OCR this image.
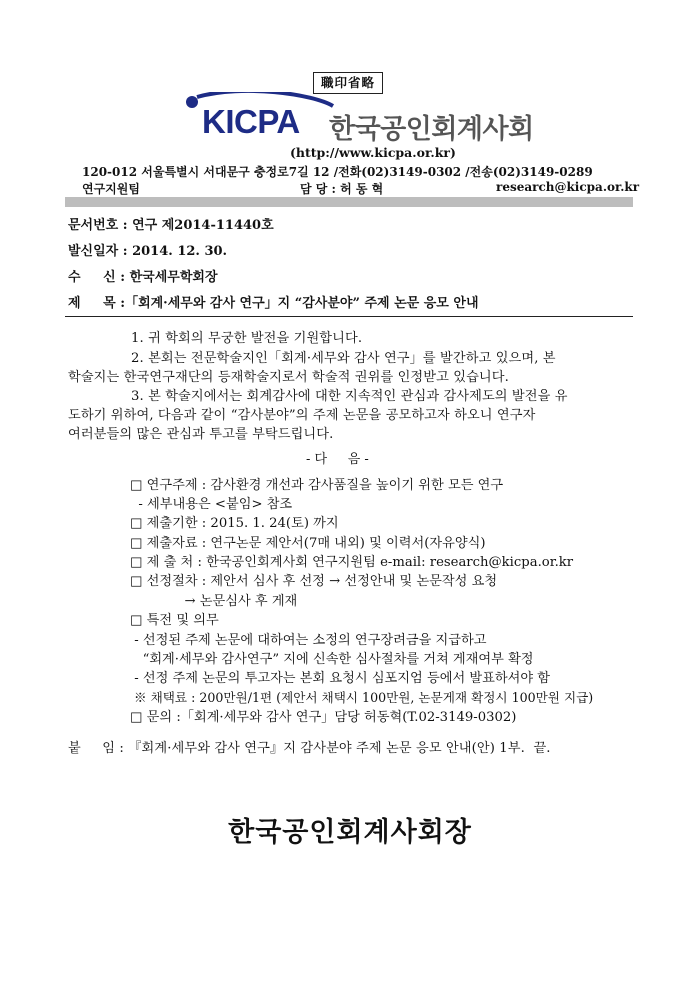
職印省略
KICPA 한국공인회계사회
(http://www.kicpa.or.kr)
120-012 서울특별시 서대문구 충정로7길 12 /전화(02)3149-0302 /전송(02)3149-0289
연구지원팀	담 당 : 허 동 혁	research@kicpa.or.kr
문서번호 : 연구 제2014-11440호
발신일자 : 2014. 12. 30.
수     신 : 한국세무학회장
제     목 :「회계·세무와 감사 연구」지 “감사분야” 주제 논문 응모 안내
1. 귀 학회의 무궁한 발전을 기원합니다.
2. 본회는 전문학술지인「회계·세무와 감사 연구」를 발간하고 있으며, 본
학술지는 한국연구재단의 등재학술지로서 학술적 권위를 인정받고 있습니다.
3. 본 학술지에서는 회계감사에 대한 지속적인 관심과 감사제도의 발전을 유
도하기 위하여, 다음과 같이 “감사분야”의 주제 논문을 공모하고자 하오니 연구자
여러분들의 많은 관심과 투고를 부탁드립니다.
- 다     음 -
□ 연구주제 : 감사환경 개선과 감사품질을 높이기 위한 모든 연구
- 세부내용은 <붙임> 참조
□ 제출기한 : 2015. 1. 24(토) 까지
□ 제출자료 : 연구논문 제안서(7매 내외) 및 이력서(자유양식)
□ 제 출 처 : 한국공인회계사회 연구지원팀 e-mail: research@kicpa.or.kr
□ 선정절차 : 제안서 심사 후 선정 → 선정안내 및 논문작성 요청
→ 논문심사 후 게재
□ 특전 및 의무
- 선정된 주제 논문에 대하여는 소정의 연구장려금을 지급하고
“회계·세무와 감사연구” 지에 신속한 심사절차를 거쳐 게재여부 확정
- 선정 주제 논문의 투고자는 본회 요청시 심포지엄 등에서 발표하셔야 함
※ 채택료 : 200만원/1편 (제안서 채택시 100만원, 논문게재 확정시 100만원 지급)
□ 문의 :「회계·세무와 감사 연구」담당 허동혁(T.02-3149-0302)
붙     임 : 『회계·세무와 감사 연구』지 감사분야 주제 논문 응모 안내(안) 1부.  끝.
한국공인회계사회장
